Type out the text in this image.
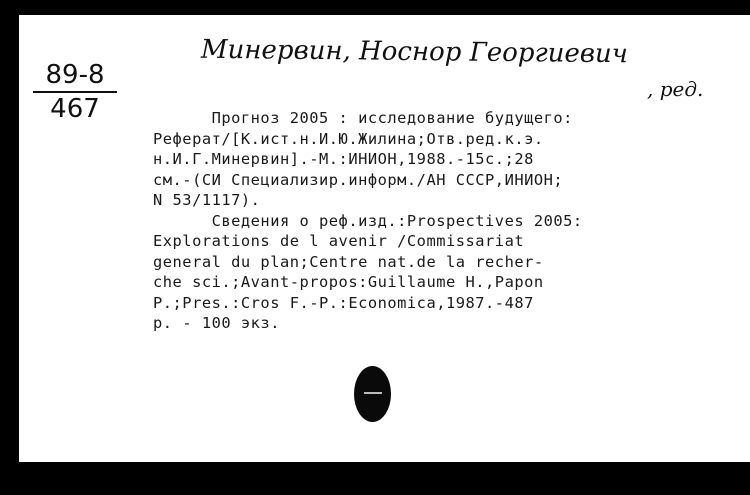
89-8
467
Минервин, Носнор Георгиевич
, ред.

Прогноз 2005 : исследование будущего:

Реферат/[К.ист.н.И.Ю.Жилина;Отв.ред.к.э.

н.И.Г.Минервин].-М.:ИНИОН,1988.-15с.;28

см.-(СИ Специализир.информ./АН СССР,ИНИОН;

N 53/1117).

Сведения о реф.изд.:Prospectives 2005:

Explorations de l avenir /Commissariat

general du plan;Centre nat.de la recher-

che sci.;Avant-propos:Guillaume H.,Papon

P.;Pres.:Cros F.-P.:Economica,1987.-487

p. - 100 экз.
